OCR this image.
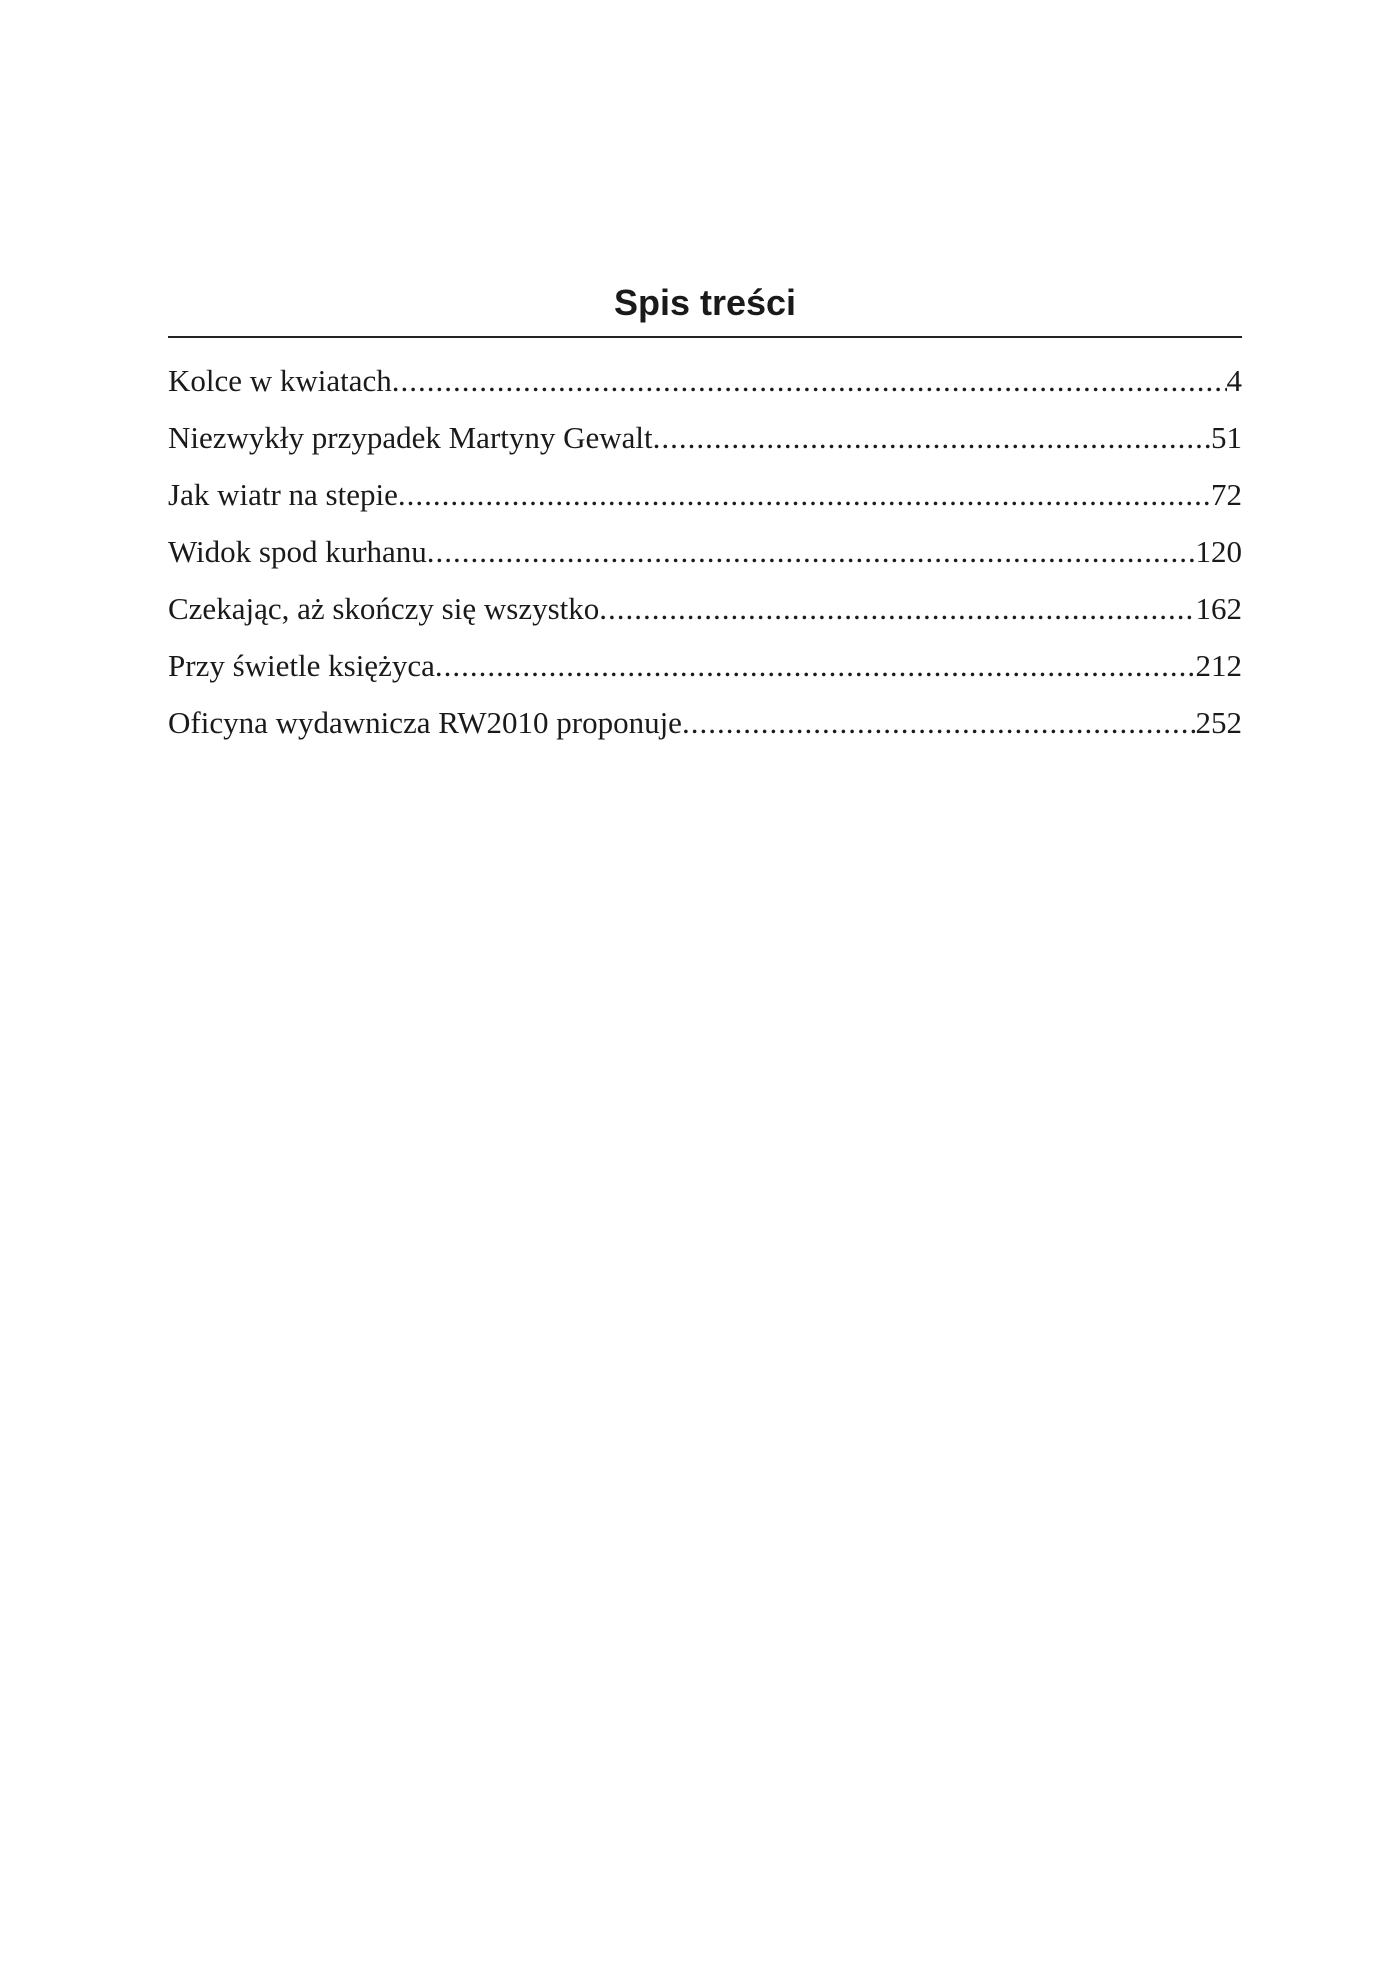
Spis treści
Kolce w kwiatach .....	4
Niezwykły przypadek Martyny Gewalt .....	51
Jak wiatr na stepie .....	72
Widok spod kurhanu .....	120
Czekając, aż skończy się wszystko .....	162
Przy świetle księżyca .....	212
Oficyna wydawnicza RW2010 proponuje .....	252
